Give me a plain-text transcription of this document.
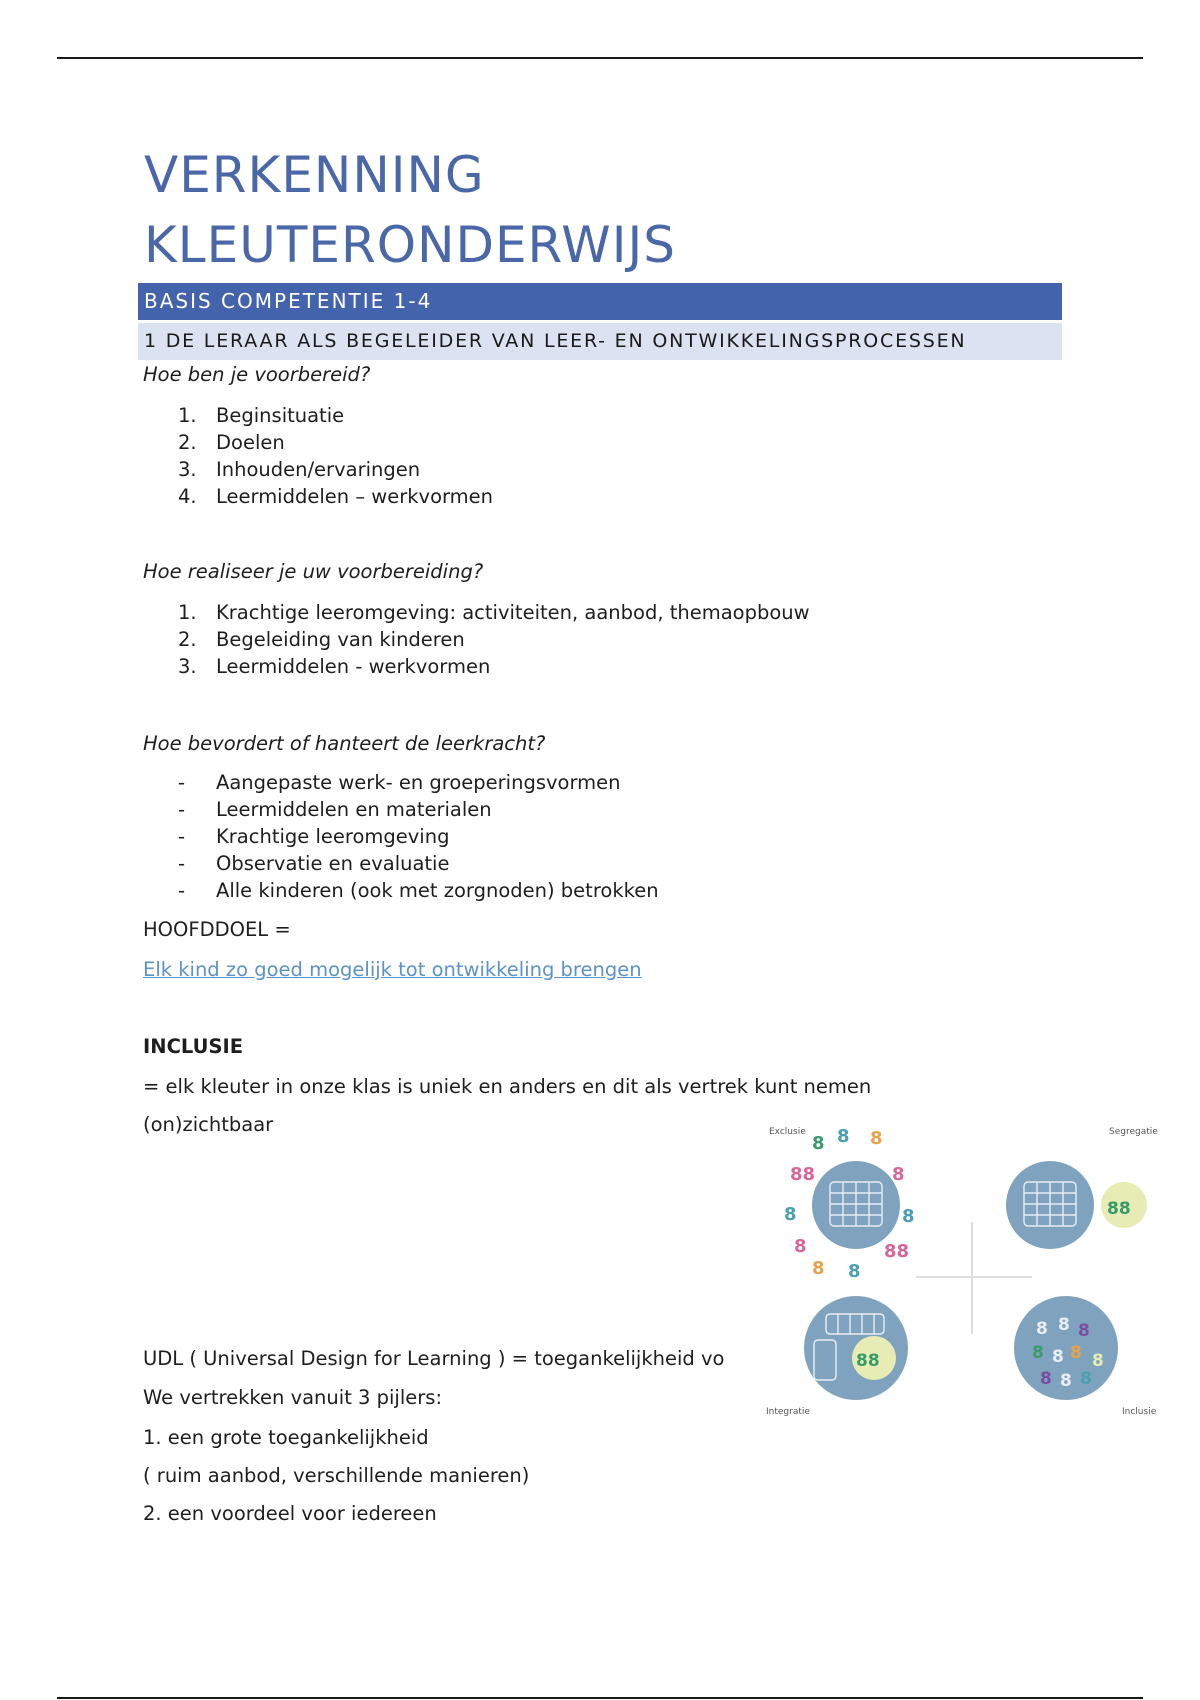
VERKENNING
KLEUTERONDERWIJS
BASIS COMPETENTIE 1-4
1 DE LERAAR ALS BEGELEIDER VAN LEER- EN ONTWIKKELINGSPROCESSEN
Hoe ben je voorbereid?
1. Beginsituatie
2. Doelen
3. Inhouden/ervaringen
4. Leermiddelen – werkvormen
Hoe realiseer je uw voorbereiding?
1. Krachtige leeromgeving: activiteiten, aanbod, themaopbouw
2. Begeleiding van kinderen
3. Leermiddelen - werkvormen
Hoe bevordert of hanteert de leerkracht?
- Aangepaste werk- en groeperingsvormen
- Leermiddelen en materialen
- Krachtige leeromgeving
- Observatie en evaluatie
- Alle kinderen (ook met zorgnoden) betrokken
HOOFDDOEL =
Elk kind zo goed mogelijk tot ontwikkeling brengen
INCLUSIE
= elk kleuter in onze klas is uniek en anders en dit als vertrek kunt nemen
(on)zichtbaar	Exclusie
8 8 8
88	8
8	8
8	88
8 8
Segregatie
88
Integratie
88
Inclusie
8 8 8
8 8 8 8
8 8 8
UDL ( Universal Design for Learning ) = toegankelijkheid vo
We vertrekken vanuit 3 pijlers:
1. een grote toegankelijkheid
( ruim aanbod, verschillende manieren)
2. een voordeel voor iedereen
